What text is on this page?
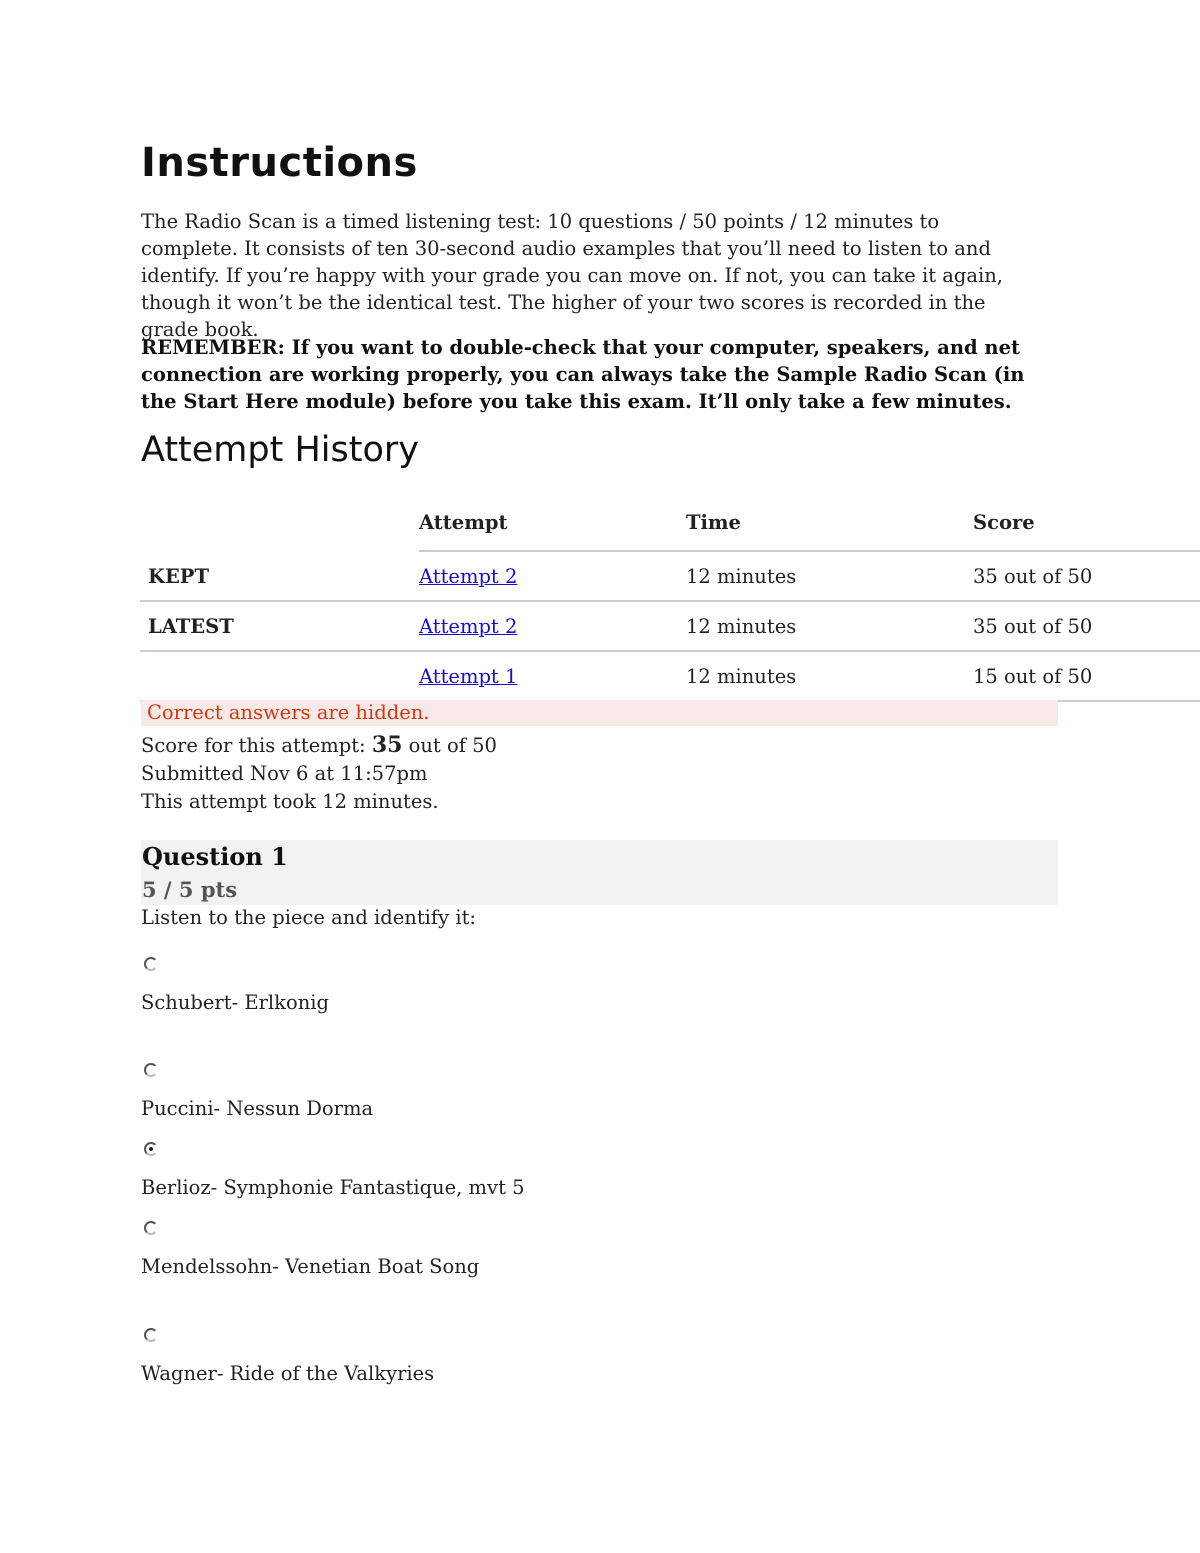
Instructions

The Radio Scan is a timed listening test: 10 questions / 50 points / 12 minutes to complete. It consists of ten 30-second audio examples that you’ll need to listen to and identify. If you’re happy with your grade you can move on. If not, you can take it again, though it won’t be the identical test. The higher of your two scores is recorded in the grade book.

REMEMBER: If you want to double-check that your computer, speakers, and net connection are working properly, you can always take the Sample Radio Scan (in the Start Here module) before you take this exam. It’ll only take a few minutes.

Attempt History
	Attempt	Time	Score
KEPT	Attempt 2	12 minutes	35 out of 50
LATEST	Attempt 2	12 minutes	35 out of 50
	Attempt 1	12 minutes	15 out of 50
Correct answers are hidden.
Score for this attempt: 35 out of 50
Submitted Nov 6 at 11:57pm
This attempt took 12 minutes.
Question 1
5 / 5 pts
Listen to the piece and identify it:
Schubert- Erlkonig
Puccini- Nessun Dorma
Berlioz- Symphonie Fantastique, mvt 5
Mendelssohn- Venetian Boat Song
Wagner- Ride of the Valkyries
